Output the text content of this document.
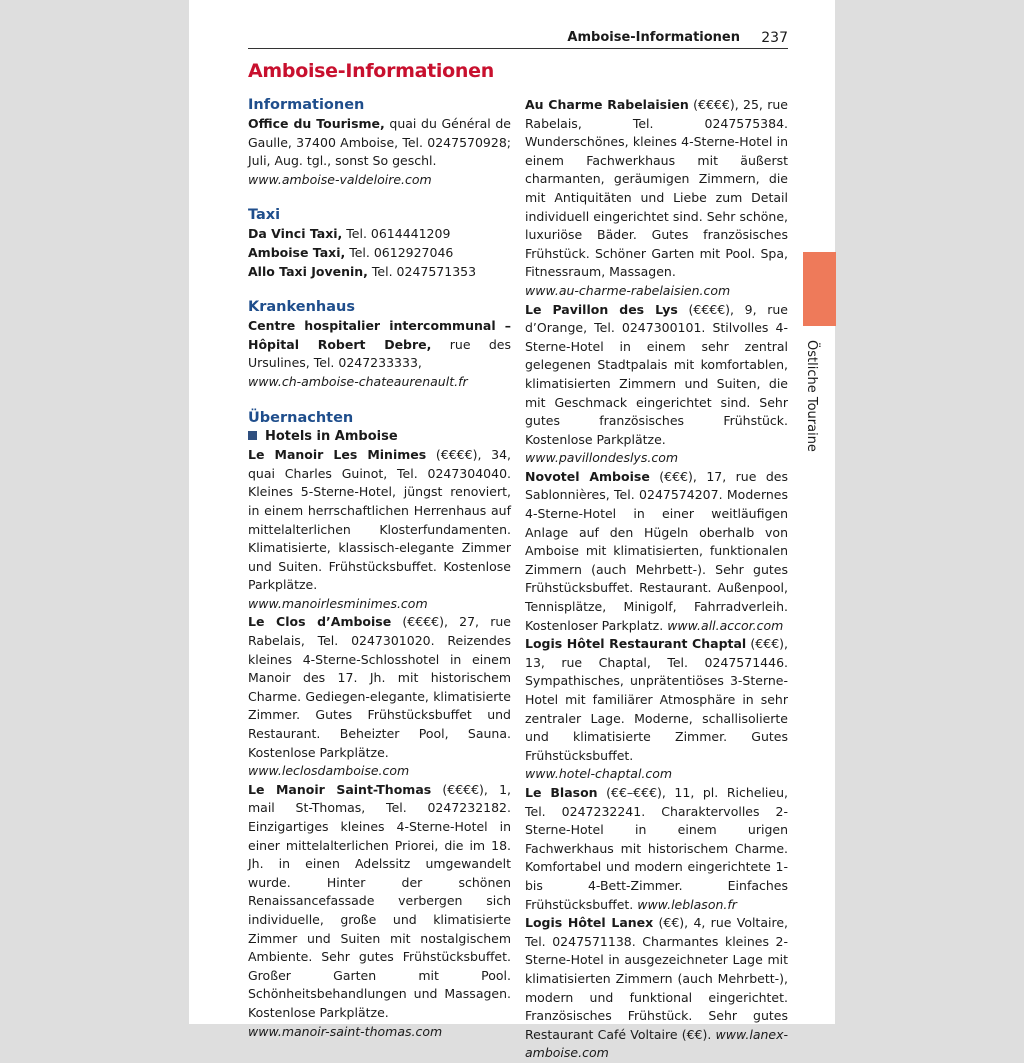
Amboise-Informationen 237
Amboise-Informationen
Östliche Touraine
Informationen

Office du Tourisme, quai du Général de Gaulle, 37400 Amboise, Tel. 0247570928; Juli, Aug. tgl., sonst So geschl.
www.amboise-valdeloire.com

Taxi
Da Vinci Taxi, Tel. 0614441209
Amboise Taxi, Tel. 0612927046
Allo Taxi Jovenin, Tel. 0247571353
Krankenhaus

Centre hospitalier intercommunal – Hôpital Robert Debre, rue des Ursulines, Tel. 0247233333,
www.ch-amboise-chateaurenault.fr

Übernachten
Hotels in Amboise

Le Manoir Les Minimes (€€€€), 34, quai Charles Guinot, Tel. 0247304040. Kleines 5-Sterne-Hotel, jüngst renoviert, in einem herrschaftlichen Herrenhaus auf mittelalterlichen Klosterfundamenten. Klimatisierte, klassisch-elegante Zimmer und Suiten. Frühstücksbuffet. Kostenlose Parkplätze.
www.manoirlesminimes.com

Le Clos d’Amboise (€€€€), 27, rue Rabelais, Tel. 0247301020. Reizendes kleines 4-Sterne-Schlosshotel in einem Manoir des 17. Jh. mit historischem Charme. Gediegen-elegante, klimatisierte Zimmer. Gutes Frühstücksbuffet und Restaurant. Beheizter Pool, Sauna. Kostenlose Parkplätze.
www.leclosdamboise.com

Le Manoir Saint-Thomas (€€€€), 1, mail St-Thomas, Tel. 0247232182. Einzigartiges kleines 4-Sterne-Hotel in einer mittelalterlichen Priorei, die im 18. Jh. in einen Adelssitz umgewandelt wurde. Hinter der schönen Renaissancefassade verbergen sich individuelle, große und klimatisierte Zimmer und Suiten mit nostalgischem Ambiente. Sehr gutes Frühstücksbuffet. Großer Garten mit Pool. Schönheitsbehandlungen und Massagen. Kostenlose Parkplätze.
www.manoir-saint-thomas.com

Au Charme Rabelaisien (€€€€), 25, rue Rabelais, Tel. 0247575384. Wunderschönes, kleines 4-Sterne-Hotel in einem Fachwerkhaus mit äußerst charmanten, geräumigen Zimmern, die mit Antiquitäten und Liebe zum Detail individuell eingerichtet sind. Sehr schöne, luxuriöse Bäder. Gutes französisches Frühstück. Schöner Garten mit Pool. Spa, Fitnessraum, Massagen.
www.au-charme-rabelaisien.com

Le Pavillon des Lys (€€€€), 9, rue d’Orange, Tel. 0247300101. Stilvolles 4-Sterne-Hotel in einem sehr zentral gelegenen Stadtpalais mit komfortablen, klimatisierten Zimmern und Suiten, die mit Geschmack eingerichtet sind. Sehr gutes französisches Frühstück. Kostenlose Parkplätze.
www.pavillondeslys.com

Novotel Amboise (€€€), 17, rue des Sablonnières, Tel. 0247574207. Modernes 4-Sterne-Hotel in einer weitläufigen Anlage auf den Hügeln oberhalb von Amboise mit klimatisierten, funktionalen Zimmern (auch Mehrbett-). Sehr gutes Frühstücksbuffet. Restaurant. Außenpool, Tennisplätze, Minigolf, Fahrradverleih. Kostenloser Parkplatz. www.all.accor.com

Logis Hôtel Restaurant Chaptal (€€€), 13, rue Chaptal, Tel. 0247571446. Sympathisches, unprätentiöses 3-Sterne-Hotel mit familiärer Atmosphäre in sehr zentraler Lage. Moderne, schallisolierte und klimatisierte Zimmer. Gutes Frühstücksbuffet.
www.hotel-chaptal.com

Le Blason (€€–€€€), 11, pl. Richelieu, Tel. 0247232241. Charaktervolles 2-Sterne-Hotel in einem urigen Fachwerkhaus mit historischem Charme. Komfortabel und modern eingerichtete 1- bis 4-Bett-Zimmer. Einfaches Frühstücksbuffet. www.leblason.fr

Logis Hôtel Lanex (€€), 4, rue Voltaire, Tel. 0247571138. Charmantes kleines 2-Sterne-Hotel in ausgezeichneter Lage mit klimatisierten Zimmern (auch Mehrbett-), modern und funktional eingerichtet. Französisches Frühstück. Sehr gutes Restaurant Café Voltaire (€€). www.lanex-amboise.com
